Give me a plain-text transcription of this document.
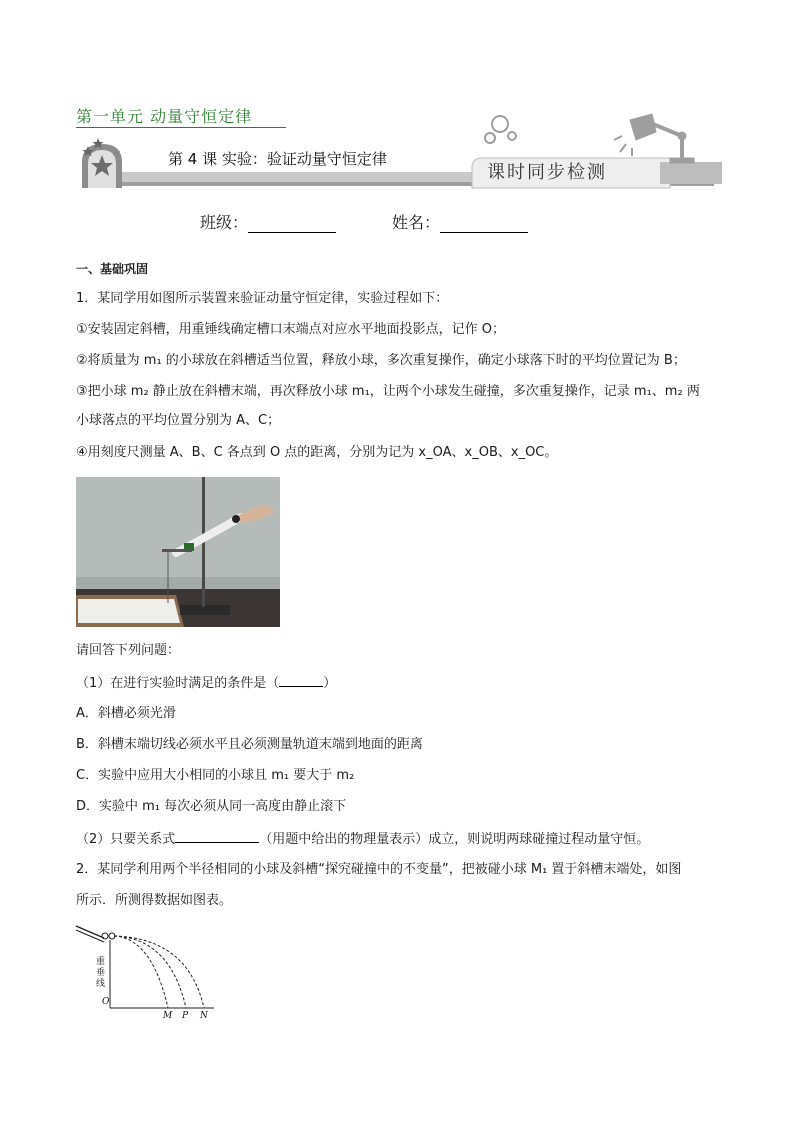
第一单元 动量守恒定律
第 4 课 实验：验证动量守恒定律
课时同步检测
班级：	姓名：
一、基础巩固
1．某同学用如图所示装置来验证动量守恒定律，实验过程如下：
①安装固定斜槽，用重锤线确定槽口末端点对应水平地面投影点，记作 O；
②将质量为 m₁ 的小球放在斜槽适当位置，释放小球，多次重复操作，确定小球落下时的平均位置记为 B；
③把小球 m₂ 静止放在斜槽末端，再次释放小球 m₁，让两个小球发生碰撞，多次重复操作，记录 m₁、m₂ 两
小球落点的平均位置分别为 A、C；
④用刻度尺测量 A、B、C 各点到 O 点的距离，分别为记为 x_OA、x_OB、x_OC。
请回答下列问题：
（1）在进行实验时满足的条件是（	）
A．斜槽必须光滑
B．斜槽末端切线必须水平且必须测量轨道末端到地面的距离
C．实验中应用大小相同的小球且 m₁ 要大于 m₂
D．实验中 m₁ 每次必须从同一高度由静止滚下
（2）只要关系式	（用题中给出的物理量表示）成立，则说明两球碰撞过程动量守恒。
2．某同学利用两个半径相同的小球及斜槽“探究碰撞中的不变量”，把被碰小球 M₁ 置于斜槽末端处，如图
所示．所测得数据如图表。
重
垂
线
O
M P N
